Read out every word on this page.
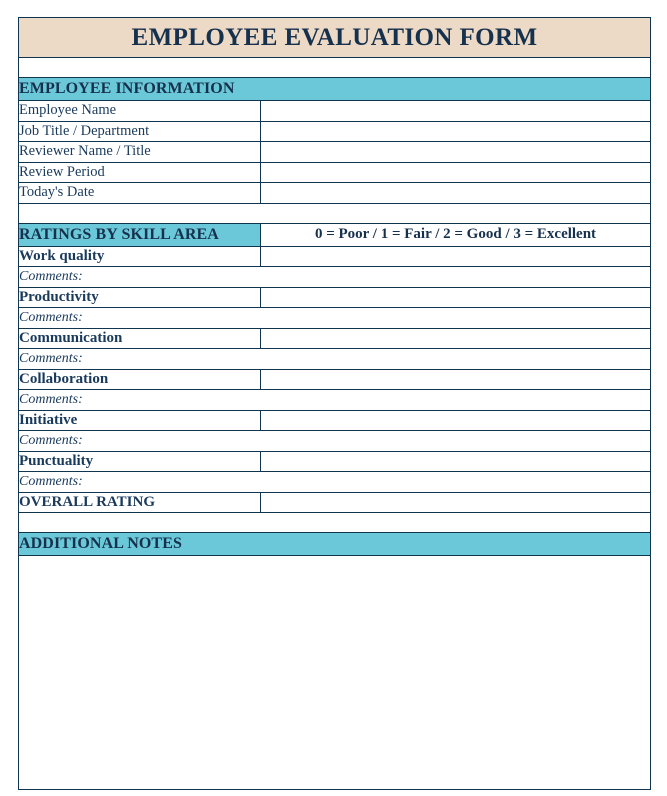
EMPLOYEE EVALUATION FORM	

EMPLOYEE INFORMATION	
Employee Name	
Job Title / Department	
Reviewer Name / Title	
Review Period	
Today's Date	

RATINGS BY SKILL AREA	0 = Poor / 1 = Fair / 2 = Good / 3 = Excellent
Work quality	
Comments:	
Productivity	
Comments:	
Communication	
Comments:	
Collaboration	
Comments:	
Initiative	
Comments:	
Punctuality	
Comments:	
OVERALL RATING	

ADDITIONAL NOTES	
